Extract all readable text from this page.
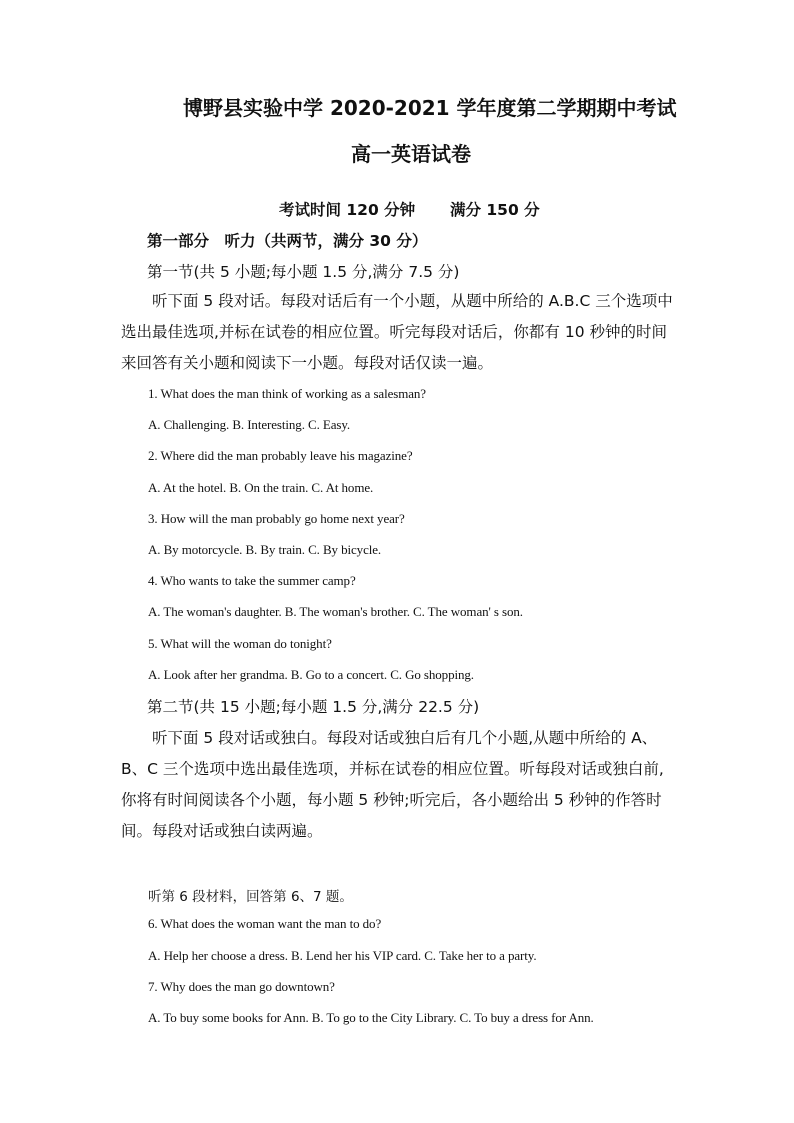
博野县实验中学 2020-2021 学年度第二学期期中考试
高一英语试卷
考试时间 120 分钟 满分 150 分
第一部分　听力（共两节，满分 30 分）
第一节(共 5 小题;每小题 1.5 分,满分 7.5 分)
听下面 5 段对话。每段对话后有一个小题，从题中所给的 A.B.C 三个选项中
选出最佳选项,并标在试卷的相应位置。听完每段对话后，你都有 10 秒钟的时间
来回答有关小题和阅读下一小题。每段对话仅读一遍。
1. What does the man think of working as a salesman?
A. Challenging. B. Interesting. C. Easy.
2. Where did the man probably leave his magazine?
A. At the hotel. B. On the train. C. At home.
3. How will the man probably go home next year?
A. By motorcycle. B. By train. C. By bicycle.
4. Who wants to take the summer camp?
A. The woman's daughter. B. The woman's brother. C. The woman' s son.
5. What will the woman do tonight?
A. Look after her grandma. B. Go to a concert. C. Go shopping.
第二节(共 15 小题;每小题 1.5 分,满分 22.5 分)
听下面 5 段对话或独白。每段对话或独白后有几个小题,从题中所给的 A、
B、C 三个选项中选出最佳选项，并标在试卷的相应位置。听每段对话或独白前,
你将有时间阅读各个小题，每小题 5 秒钟;听完后，各小题给出 5 秒钟的作答时
间。每段对话或独白读两遍。
听第 6 段材料，回答第 6、7 题。
6. What does the woman want the man to do?
A. Help her choose a dress. B. Lend her his VIP card. C. Take her to a party.
7. Why does the man go downtown?
A. To buy some books for Ann. B. To go to the City Library. C. To buy a dress for Ann.
